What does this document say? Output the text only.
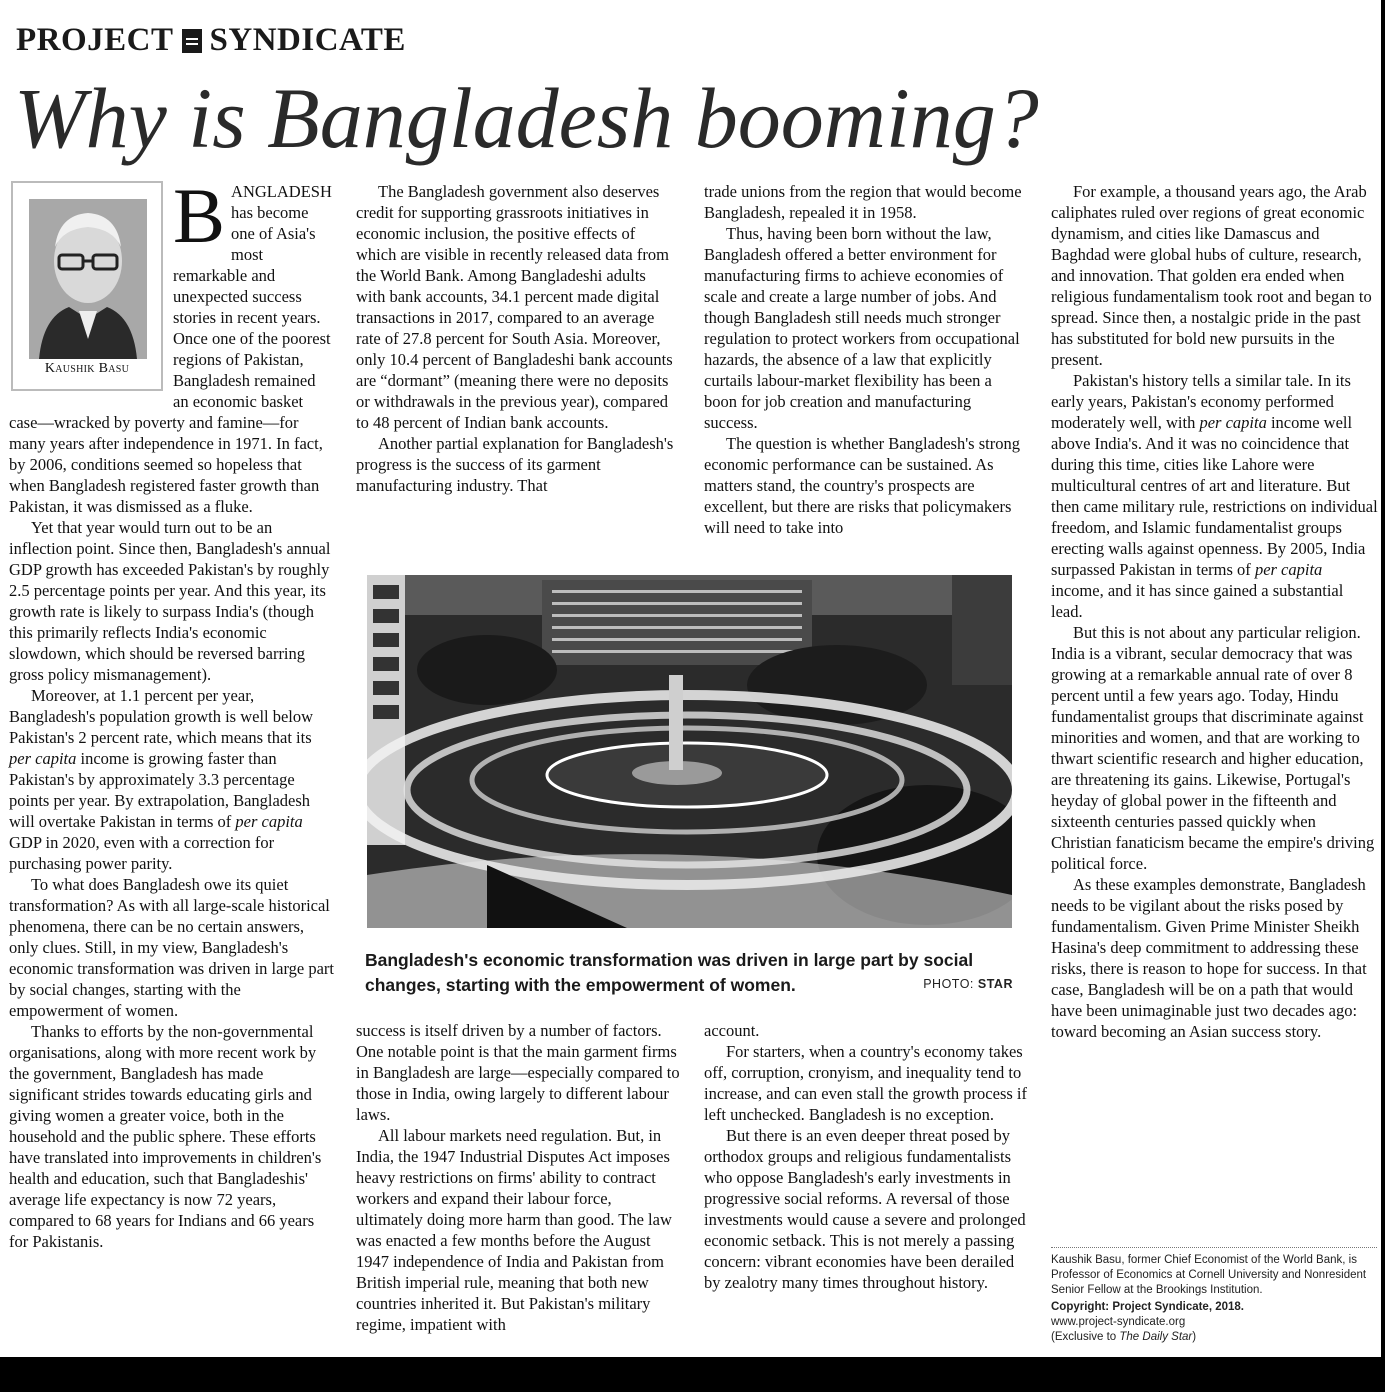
PROJECT SYNDICATE
Why is Bangladesh booming?
Kaushik Basu

BANGLADESH has become one of Asia's most remarkable and unexpected success stories in recent years. Once one of the poorest regions of Pakistan, Bangladesh remained an economic basket case—wracked by poverty and famine—for many years after independence in 1971. In fact, by 2006, conditions seemed so hopeless that when Bangladesh registered faster growth than Pakistan, it was dismissed as a fluke.

Yet that year would turn out to be an inflection point. Since then, Bangladesh's annual GDP growth has exceeded Pakistan's by roughly 2.5 percentage points per year. And this year, its growth rate is likely to surpass India's (though this primarily reflects India's economic slowdown, which should be reversed barring gross policy mismanagement).

Moreover, at 1.1 percent per year, Bangladesh's population growth is well below Pakistan's 2 percent rate, which means that its per capita income is growing faster than Pakistan's by approximately 3.3 percentage points per year. By extrapolation, Bangladesh will overtake Pakistan in terms of per capita GDP in 2020, even with a correction for purchasing power parity.

To what does Bangladesh owe its quiet transformation? As with all large-scale historical phenomena, there can be no certain answers, only clues. Still, in my view, Bangladesh's economic transformation was driven in large part by social changes, starting with the empowerment of women.

Thanks to efforts by the non-governmental organisations, along with more recent work by the government, Bangladesh has made significant strides towards educating girls and giving women a greater voice, both in the household and the public sphere. These efforts have translated into improvements in children's health and education, such that Bangladeshis' average life expectancy is now 72 years, compared to 68 years for Indians and 66 years for Pakistanis.

The Bangladesh government also deserves credit for supporting grassroots initiatives in economic inclusion, the positive effects of which are visible in recently released data from the World Bank. Among Bangladeshi adults with bank accounts, 34.1 percent made digital transactions in 2017, compared to an average rate of 27.8 percent for South Asia. Moreover, only 10.4 percent of Bangladeshi bank accounts are “dormant” (meaning there were no deposits or withdrawals in the previous year), compared to 48 percent of Indian bank accounts.

Another partial explanation for Bangladesh's progress is the success of its garment manufacturing industry. That

trade unions from the region that would become Bangladesh, repealed it in 1958.

Thus, having been born without the law, Bangladesh offered a better environment for manufacturing firms to achieve economies of scale and create a large number of jobs. And though Bangladesh still needs much stronger regulation to protect workers from occupational hazards, the absence of a law that explicitly curtails labour-market flexibility has been a boon for job creation and manufacturing success.

The question is whether Bangladesh's strong economic performance can be sustained. As matters stand, the country's prospects are excellent, but there are risks that policymakers will need to take into

Bangladesh's economic transformation was driven in large part by social changes, starting with the empowerment of women.	PHOTO: STAR

success is itself driven by a number of factors. One notable point is that the main garment firms in Bangladesh are large—especially compared to those in India, owing largely to different labour laws.

All labour markets need regulation. But, in India, the 1947 Industrial Disputes Act imposes heavy restrictions on firms' ability to contract workers and expand their labour force, ultimately doing more harm than good. The law was enacted a few months before the August 1947 independence of India and Pakistan from British imperial rule, meaning that both new countries inherited it. But Pakistan's military regime, impatient with

account.

For starters, when a country's economy takes off, corruption, cronyism, and inequality tend to increase, and can even stall the growth process if left unchecked. Bangladesh is no exception.

But there is an even deeper threat posed by orthodox groups and religious fundamentalists who oppose Bangladesh's early investments in progressive social reforms. A reversal of those investments would cause a severe and prolonged economic setback. This is not merely a passing concern: vibrant economies have been derailed by zealotry many times throughout history.

For example, a thousand years ago, the Arab caliphates ruled over regions of great economic dynamism, and cities like Damascus and Baghdad were global hubs of culture, research, and innovation. That golden era ended when religious fundamentalism took root and began to spread. Since then, a nostalgic pride in the past has substituted for bold new pursuits in the present.

Pakistan's history tells a similar tale. In its early years, Pakistan's economy performed moderately well, with per capita income well above India's. And it was no coincidence that during this time, cities like Lahore were multicultural centres of art and literature. But then came military rule, restrictions on individual freedom, and Islamic fundamentalist groups erecting walls against openness. By 2005, India surpassed Pakistan in terms of per capita income, and it has since gained a substantial lead.

But this is not about any particular religion. India is a vibrant, secular democracy that was growing at a remarkable annual rate of over 8 percent until a few years ago. Today, Hindu fundamentalist groups that discriminate against minorities and women, and that are working to thwart scientific research and higher education, are threatening its gains. Likewise, Portugal's heyday of global power in the fifteenth and sixteenth centuries passed quickly when Christian fanaticism became the empire's driving political force.

As these examples demonstrate, Bangladesh needs to be vigilant about the risks posed by fundamentalism. Given Prime Minister Sheikh Hasina's deep commitment to addressing these risks, there is reason to hope for success. In that case, Bangladesh will be on a path that would have been unimaginable just two decades ago: toward becoming an Asian success story.

Kaushik Basu, former Chief Economist of the World Bank, is Professor of Economics at Cornell University and Nonresident Senior Fellow at the Brookings Institution.
Copyright: Project Syndicate, 2018.
www.project-syndicate.org
(Exclusive to The Daily Star)
